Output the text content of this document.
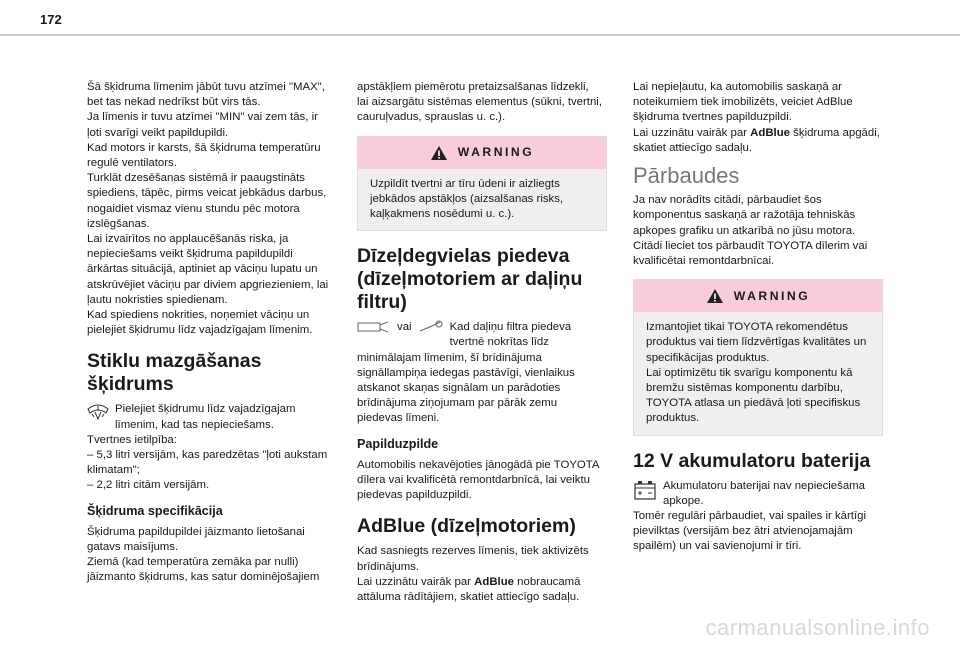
172

Šā šķidruma līmenim jābūt tuvu atzīmei "MAX",
bet tas nekad nedrīkst būt virs tās.
Ja līmenis ir tuvu atzīmei "MIN" vai zem tās, ir
ļoti svarīgi veikt papildupildi.
Kad motors ir karsts, šā šķidruma temperatūru
regulē ventilators.
Turklāt dzesēšanas sistēmā ir paaugstināts
spiediens, tāpēc, pirms veicat jebkādus darbus,
nogaidiet vismaz vienu stundu pēc motora
izslēgšanas.
Lai izvairītos no applaucēšanās riska, ja
nepieciešams veikt šķidruma papildupildi
ārkārtas situācijā, aptiniet ap vāciņu lupatu un
atskrūvējiet vāciņu par diviem apgriezieniem, lai
ļautu nokristies spiedienam.
Kad spiediens nokrities, noņemiet vāciņu un
pielejiet šķidrumu līdz vajadzīgajam līmenim.

Stiklu mazgāšanas
šķidrums
Pielejiet šķidrumu līdz vajadzīgajam
līmenim, kad tas nepieciešams.

Tvertnes ietilpība:
– 5,3 litri versijām, kas paredzētas "ļoti aukstam
klimatam";
– 2,2 litri citām versijām.

Šķidruma specifikācija

Šķidruma papildupildei jāizmanto lietošanai
gatavs maisījums.
Ziemā (kad temperatūra zemāka par nulli)
jāizmanto šķidrums, kas satur dominējošajiem

apstākļiem piemērotu pretaizsalšanas līdzekli,
lai aizsargātu sistēmas elementus (sūkni, tvertni,
cauruļvadus, sprauslas u. c.).

WARNING
Uzpildīt tvertni ar tīru ūdeni ir aizliegts
jebkādos apstākļos (aizsalšanas risks,
kaļķakmens nosēdumi u. c.).
Dīzeļdegvielas piedeva
(dīzeļmotoriem ar daļiņu
filtru)
vai	Kad daļiņu filtra piedeva
tvertnē nokrītas līdz

minimālajam līmenim, šī brīdinājuma
signāllampiņa iedegas pastāvīgi, vienlaikus
atskanot skaņas signālam un parādoties
brīdinājuma ziņojumam par pārāk zemu
piedevas līmeni.

Papilduzpilde

Automobilis nekavējoties jānogādā pie TOYOTA
dīlera vai kvalificētā remontdarbnīcā, lai veiktu
piedevas papilduzpildi.

AdBlue (dīzeļmotoriem)

Kad sasniegts rezerves līmenis, tiek aktivizēts
brīdinājums.
Lai uzzinātu vairāk par AdBlue nobraucamā
attāluma rādītājiem, skatiet attiecīgo sadaļu.

Lai nepieļautu, ka automobilis saskaņā ar
noteikumiem tiek imobilizēts, veiciet AdBlue
šķidruma tvertnes papilduzpildi.
Lai uzzinātu vairāk par AdBlue šķidruma apgādi,
skatiet attiecīgo sadaļu.

Pārbaudes

Ja nav norādīts citādi, pārbaudiet šos
komponentus saskaņā ar ražotāja tehniskās
apkopes grafiku un atkarībā no jūsu motora.
Citādi lieciet tos pārbaudīt TOYOTA dīlerim vai
kvalificētai remontdarbnīcai.

WARNING
Izmantojiet tikai TOYOTA rekomendētus
produktus vai tiem līdzvērtīgas kvalitātes un
specifikācijas produktus.
Lai optimizētu tik svarīgu komponentu kā
bremžu sistēmas komponentu darbību,
TOYOTA atlasa un piedāvā ļoti specifiskus
produktus.
12 V akumulatoru baterija
Akumulatoru baterijai nav nepieciešama
apkope.

Tomēr regulāri pārbaudiet, vai spailes ir kārtīgi
pievilktas (versijām bez ātri atvienojamajām
spailēm) un vai savienojumi ir tīri.

carmanualsonline.info
